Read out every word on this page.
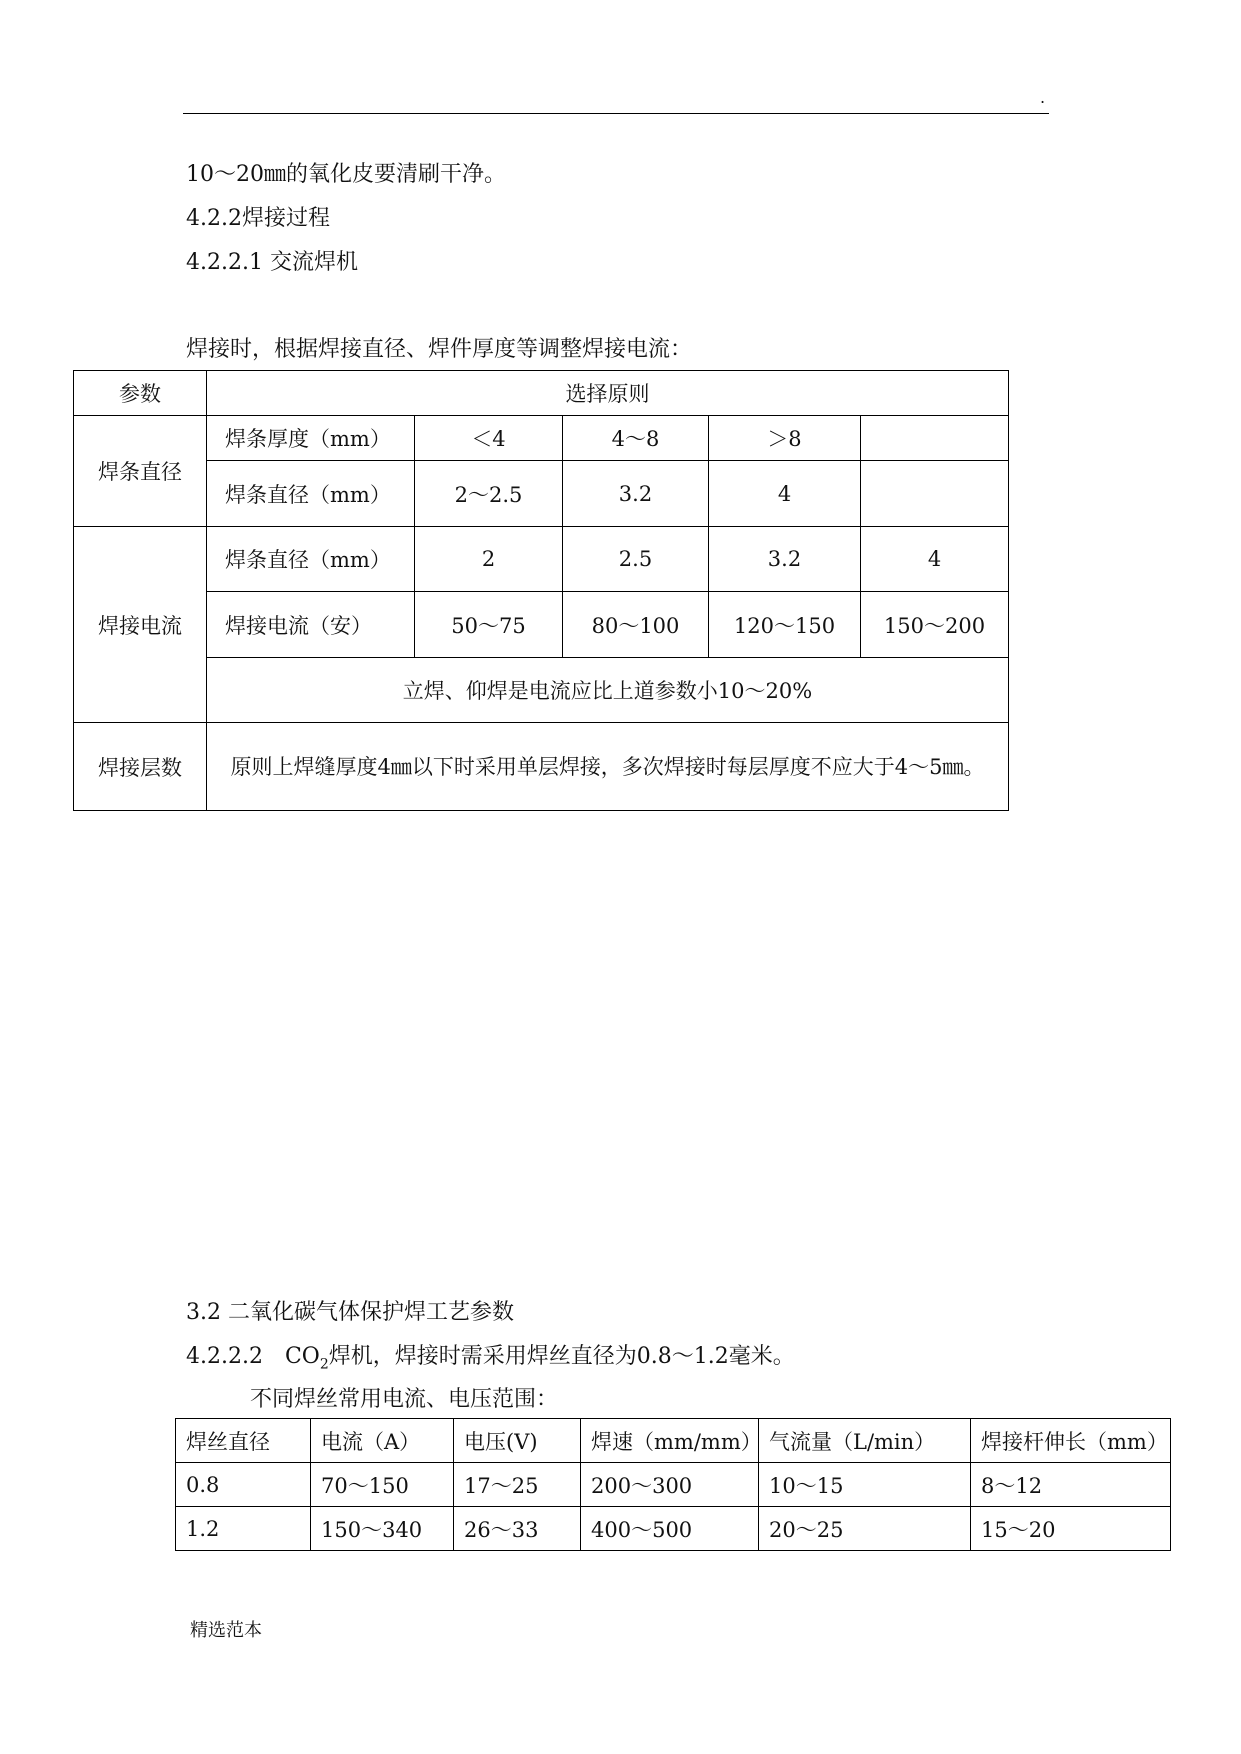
.
10～20㎜的氧化皮要清刷干净。
4.2.2焊接过程
4.2.2.1 交流焊机
焊接时，根据焊接直径、焊件厚度等调整焊接电流：
参数	选择原则				
焊条直径	焊条厚度（mm）	＜4	4～8	＞8	
	焊条直径（mm）	2～2.5	3.2	4	
焊接电流	焊条直径（mm）	2	2.5	3.2	4
	焊接电流（安）	50～75	80～100	120～150	150～200
	立焊、仰焊是电流应比上道参数小10～20%				
焊接层数	原则上焊缝厚度4㎜以下时采用单层焊接，多次焊接时每层厚度不应大于4～5㎜。				
3.2 二氧化碳气体保护焊工艺参数
4.2.2.2　$CO_2$焊机，焊接时需采用焊丝直径为0.8～1.2毫米。
不同焊丝常用电流、电压范围：
焊丝直径	电流（A）	电压(V)	焊速（mm/mm）	气流量（L/min）	焊接杆伸长（mm）
0.8	70～150	17～25	200～300	10～15	8～12
1.2	150～340	26～33	400～500	20～25	15～20
精选范本
